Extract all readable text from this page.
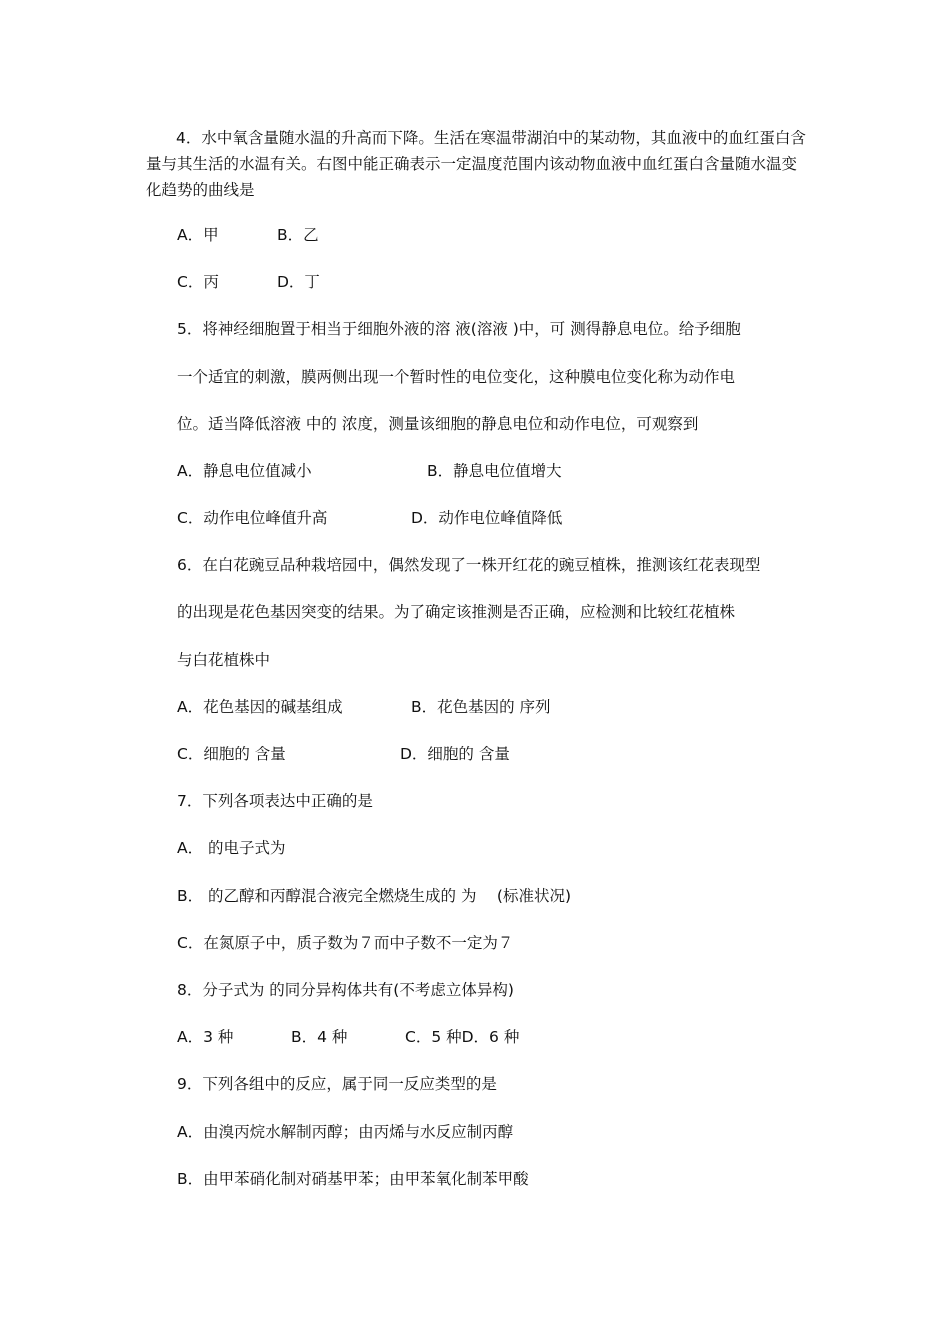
4．水中氧含量随水温的升高而下降。生活在寒温带湖泊中的某动物，其血液中的血红蛋白含量与其生活的水温有关。右图中能正确表示一定温度范围内该动物血液中血红蛋白含量随水温变化趋势的曲线是
A．甲	B．乙
C．丙	D．丁
5．将神经细胞置于相当于细胞外液的溶 液(溶液 )中，可 测得静息电位。给予细胞
一个适宜的刺激，膜两侧出现一个暂时性的电位变化，这种膜电位变化称为动作电
位。适当降低溶液 中的 浓度，测量该细胞的静息电位和动作电位，可观察到
A．静息电位值减小	B．静息电位值增大
C．动作电位峰值升高	D．动作电位峰值降低
6．在白花豌豆品种栽培园中，偶然发现了一株开红花的豌豆植株，推测该红花表现型
的出现是花色基因突变的结果。为了确定该推测是否正确，应检测和比较红花植株
与白花植株中
A．花色基因的碱基组成	B．花色基因的 序列
C．细胞的 含量	D．细胞的 含量
7．下列各项表达中正确的是
A． 的电子式为
B． 的乙醇和丙醇混合液完全燃烧生成的 为 　(标准状况)
C．在氮原子中，质子数为７而中子数不一定为７
8．分子式为 的同分异构体共有(不考虑立体异构)
A．3 种	B．4 种	C．5 种D．6 种
9．下列各组中的反应，属于同一反应类型的是
A．由溴丙烷水解制丙醇；由丙烯与水反应制丙醇
B．由甲苯硝化制对硝基甲苯；由甲苯氧化制苯甲酸
